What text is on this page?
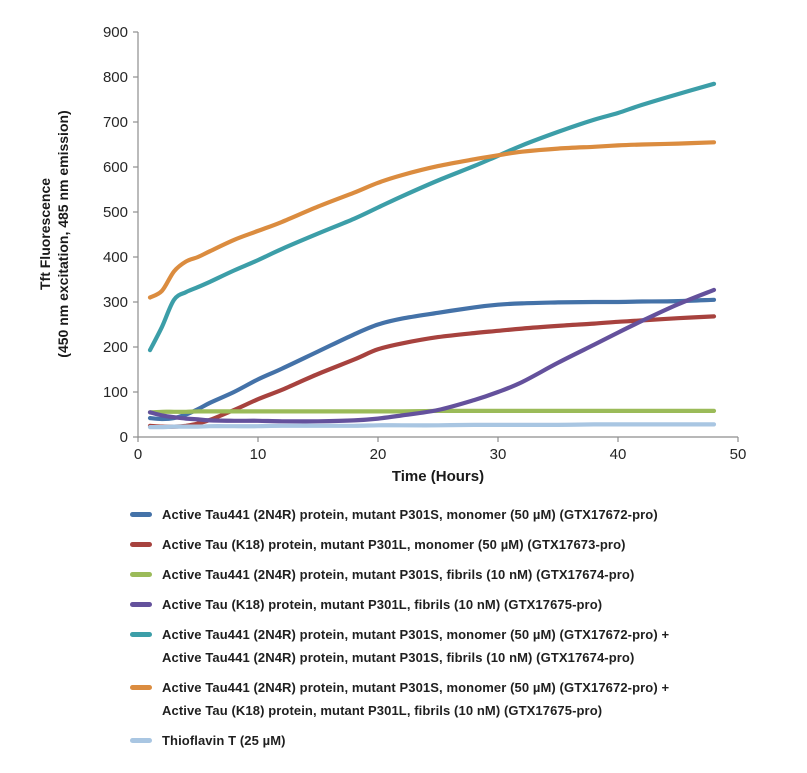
0
100
200
300
400
500
600
700
800
900
0	10	20	30	40	50
Time (Hours)
Tft Fluorescence (450 nm excitation, 485 nm emission)
Active Tau441 (2N4R) protein, mutant P301S, monomer (50 µM) (GTX17672-pro)
Active Tau (K18) protein, mutant P301L, monomer (50 µM) (GTX17673-pro)
Active Tau441 (2N4R) protein, mutant P301S, fibrils (10 nM) (GTX17674-pro)
Active Tau (K18) protein, mutant P301L, fibrils (10 nM) (GTX17675-pro)
Active Tau441 (2N4R) protein, mutant P301S, monomer (50 µM) (GTX17672-pro) +
Active Tau441 (2N4R) protein, mutant P301S, fibrils (10 nM) (GTX17674-pro)
Active Tau441 (2N4R) protein, mutant P301S, monomer (50 µM) (GTX17672-pro) +
Active Tau (K18) protein, mutant P301L, fibrils (10 nM) (GTX17675-pro)
Thioflavin T (25 µM)
